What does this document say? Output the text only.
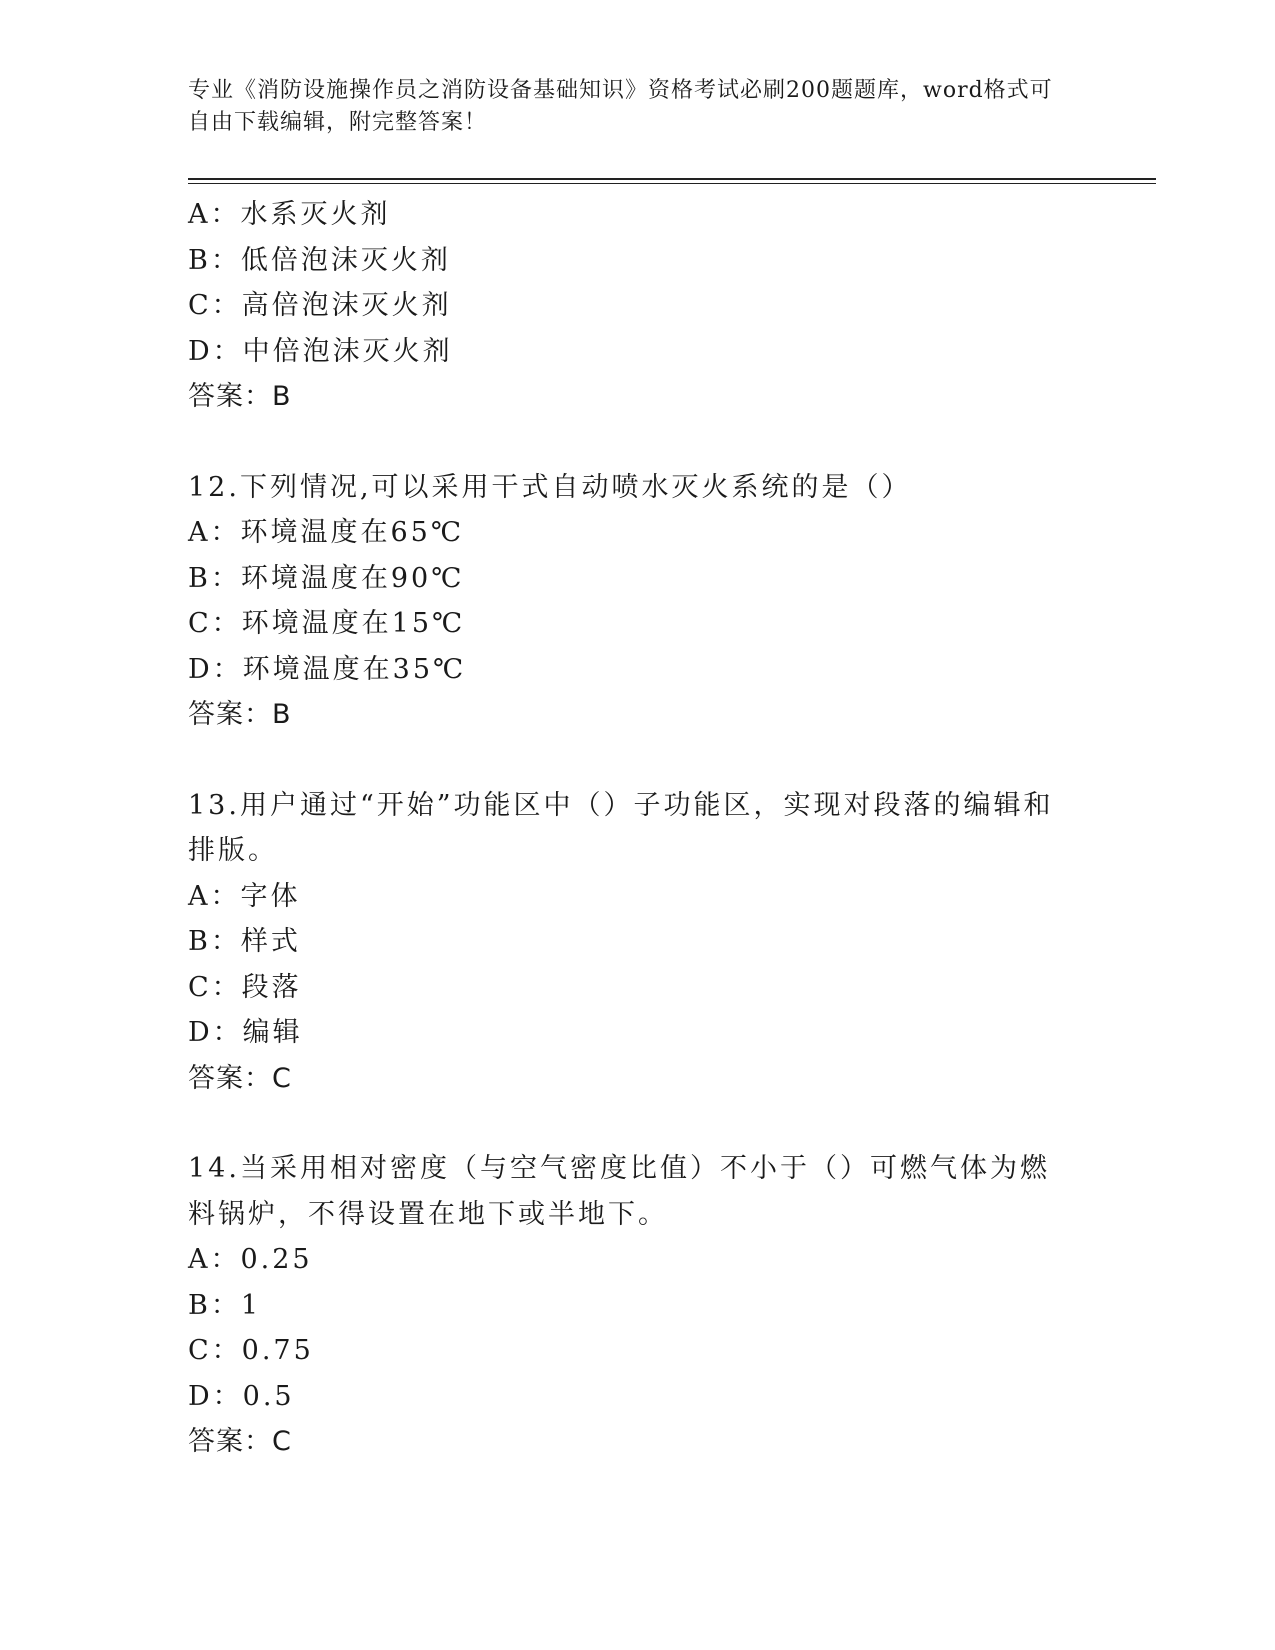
专业《消防设施操作员之消防设备基础知识》资格考试必刷200题题库，word格式可自由下载编辑，附完整答案！
A：水系灭火剂
B：低倍泡沫灭火剂
C：高倍泡沫灭火剂
D：中倍泡沫灭火剂
答案：B
12.下列情况,可以采用干式自动喷水灭火系统的是（）
A：环境温度在65℃
B：环境温度在90℃
C：环境温度在15℃
D：环境温度在35℃
答案：B
13.用户通过“开始”功能区中（）子功能区，实现对段落的编辑和排版。
A：字体
B：样式
C：段落
D：编辑
答案：C
14.当采用相对密度（与空气密度比值）不小于（）可燃气体为燃料锅炉，不得设置在地下或半地下。
A：0.25
B：1
C：0.75
D：0.5
答案：C
